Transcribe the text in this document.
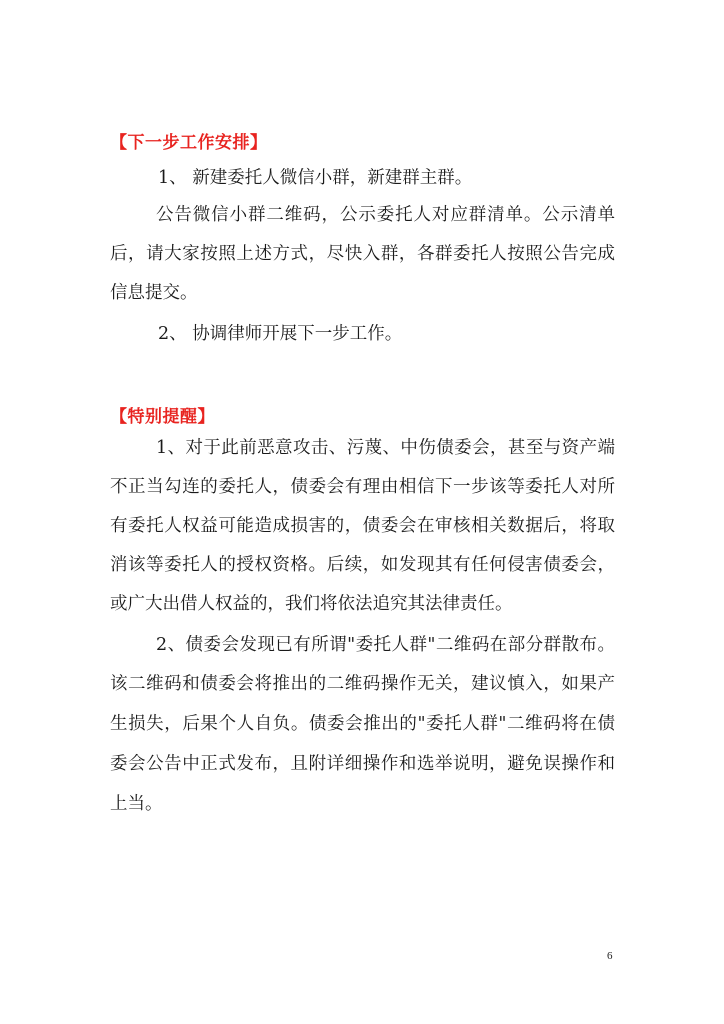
【下一步工作安排】
1、 新建委托人微信小群，新建群主群。
公告微信小群二维码，公示委托人对应群清单。公示清单
后，请大家按照上述方式，尽快入群，各群委托人按照公告完成
信息提交。
2、 协调律师开展下一步工作。
【特别提醒】
1、对于此前恶意攻击、污蔑、中伤债委会，甚至与资产端
不正当勾连的委托人，债委会有理由相信下一步该等委托人对所
有委托人权益可能造成损害的，债委会在审核相关数据后，将取
消该等委托人的授权资格。后续，如发现其有任何侵害债委会，
或广大出借人权益的，我们将依法追究其法律责任。
2、债委会发现已有所谓"委托人群"二维码在部分群散布。
该二维码和债委会将推出的二维码操作无关，建议慎入，如果产
生损失，后果个人自负。债委会推出的"委托人群"二维码将在债
委会公告中正式发布，且附详细操作和选举说明，避免误操作和
上当。
6
